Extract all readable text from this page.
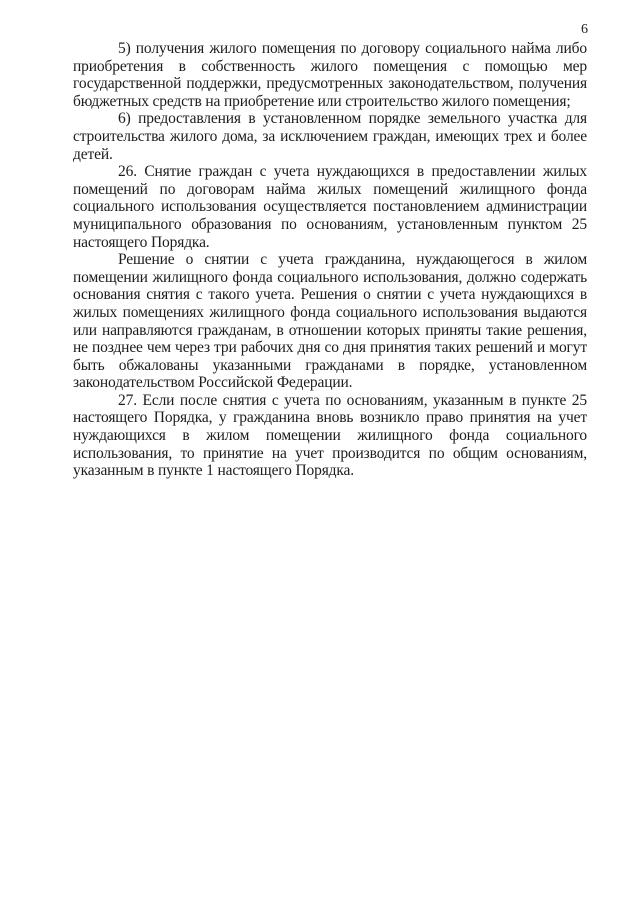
6

5) получения жилого помещения по договору социального найма либо приобретения в собственность жилого помещения с помощью мер государственной поддержки, предусмотренных законодательством, получения бюджетных средств на приобретение или строительство жилого помещения;

6) предоставления в установленном порядке земельного участка для строительства жилого дома, за исключением граждан, имеющих трех и более детей.

26. Снятие граждан с учета нуждающихся в предоставлении жилых помещений по договорам найма жилых помещений жилищного фонда социального использования осуществляется постановлением администрации муниципального образования по основаниям, установленным пунктом 25 настоящего Порядка.

Решение о снятии с учета гражданина, нуждающегося в жилом помещении жилищного фонда социального использования, должно содержать основания снятия с такого учета. Решения о снятии с учета нуждающихся в жилых помещениях жилищного фонда социального использования выдаются или направляются гражданам, в отношении которых приняты такие решения, не позднее чем через три рабочих дня со дня принятия таких решений и могут быть обжалованы указанными гражданами в порядке, установленном законодательством Российской Федерации.

27. Если после снятия с учета по основаниям, указанным в пункте 25 настоящего Порядка, у гражданина вновь возникло право принятия на учет нуждающихся в жилом помещении жилищного фонда социального использования, то принятие на учет производится по общим основаниям, указанным в пункте 1 настоящего Порядка.
